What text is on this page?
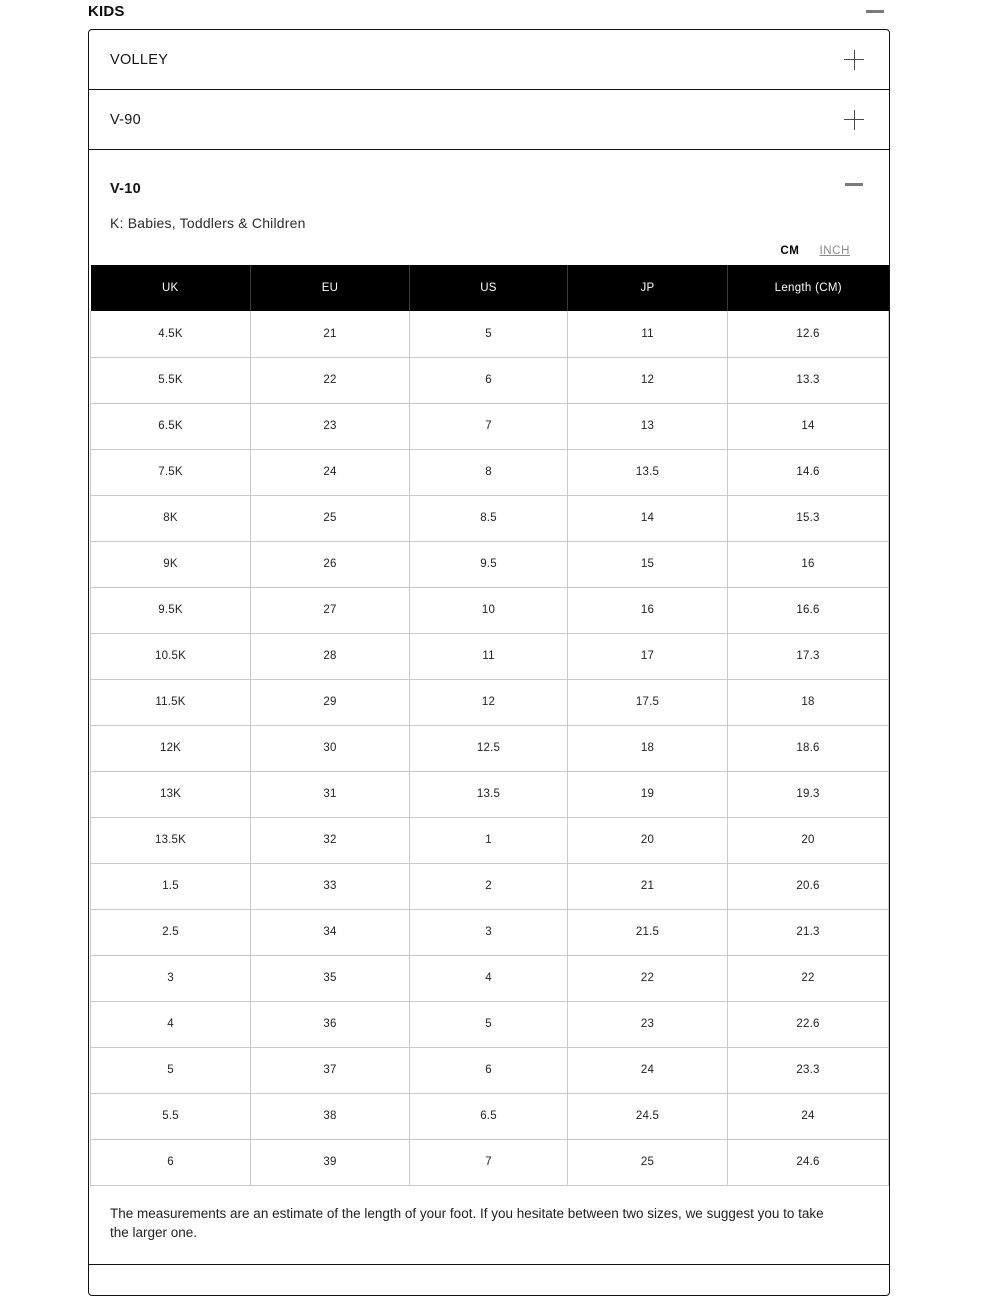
KIDS
VOLLEY
V-90
V-10
K: Babies, Toddlers & Children
CM INCH
UK	EU	US	JP	Length (CM)
4.5K	21	5	11	12.6
5.5K	22	6	12	13.3
6.5K	23	7	13	14
7.5K	24	8	13.5	14.6
8K	25	8.5	14	15.3
9K	26	9.5	15	16
9.5K	27	10	16	16.6
10.5K	28	11	17	17.3
11.5K	29	12	17.5	18
12K	30	12.5	18	18.6
13K	31	13.5	19	19.3
13.5K	32	1	20	20
1.5	33	2	21	20.6
2.5	34	3	21.5	21.3
3	35	4	22	22
4	36	5	23	22.6
5	37	6	24	23.3
5.5	38	6.5	24.5	24
6	39	7	25	24.6
The measurements are an estimate of the length of your foot. If you hesitate between two sizes, we suggest you to take the larger one.
